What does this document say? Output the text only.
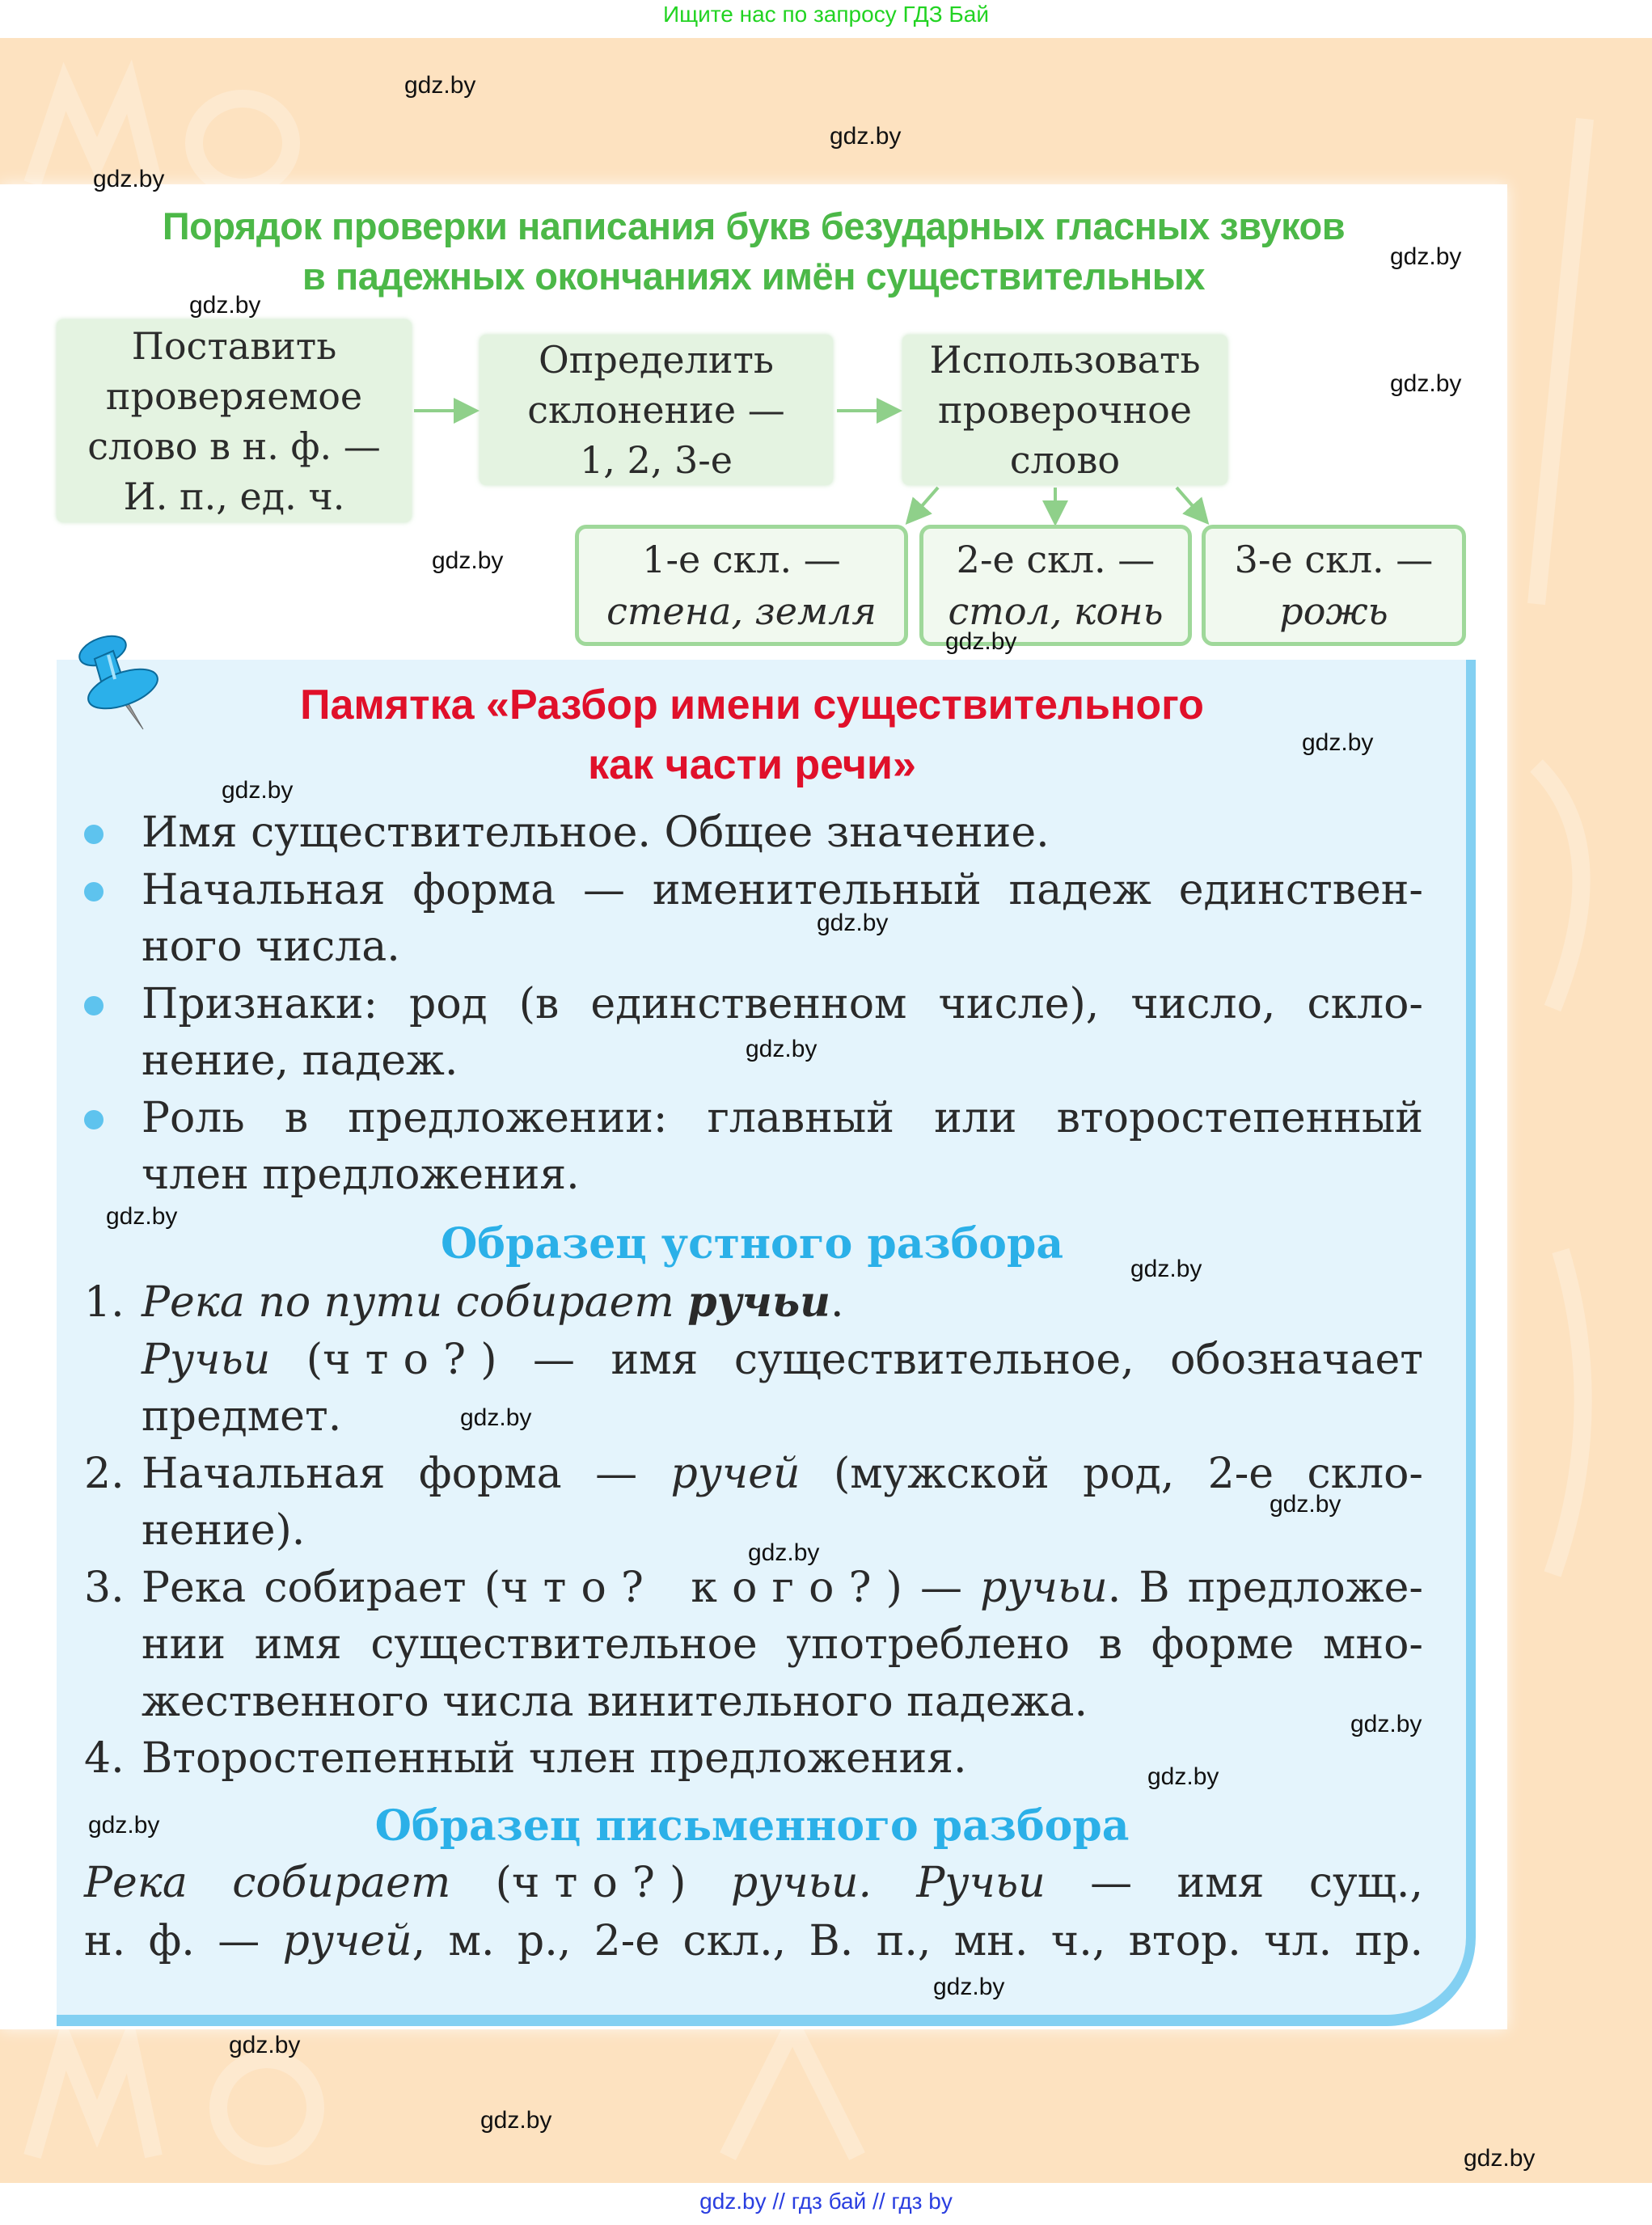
Ищите нас по запросу ГДЗ Бай
Порядок проверки написания букв безударных гласных звуков
в падежных окончаниях имён существительных
Поставить
проверяемое
слово в н. ф. —
И. п., ед. ч.
Определить
склонение —
1, 2, 3-е
Использовать
проверочное
слово
1-е скл. —
стена, земля
2-е скл. —
стол, конь
3-е скл. —
рожь
Памятка «Разбор имени существительного
как части речи»
Имя существительное. Общее значение.
Начальная форма — именительный падеж единствен-
ного числа.
Признаки: род (в единственном числе), число, скло-
нение, падеж.
Роль в предложении: главный или второстепенный
член предложения.
Образец устного разбора
1. Река по пути собирает ручьи.
Ручьи (что?) — имя существительное, обозначает
предмет.
2. Начальная форма — ручей (мужской род, 2-е скло-
нение).
3. Река собирает (что? кого?) — ручьи. В предложе-
нии имя существительное употреблено в форме мно-
жественного числа винительного падежа.
4. Второстепенный член предложения.
Образец письменного разбора
Река собирает (что?) ручьи. Ручьи — имя сущ.,
н. ф. — ручей, м. р., 2-е скл., В. п., мн. ч., втор. чл. пр.
gdz.by
gdz.by
gdz.by
gdz.by
gdz.by
gdz.by
gdz.by
gdz.by
gdz.by
gdz.by
gdz.by
gdz.by
gdz.by
gdz.by
gdz.by
gdz.by
gdz.by
gdz.by
gdz.by
gdz.by
gdz.by
gdz.by
gdz.by
gdz.by
gdz.by // гдз бай // гдз by
